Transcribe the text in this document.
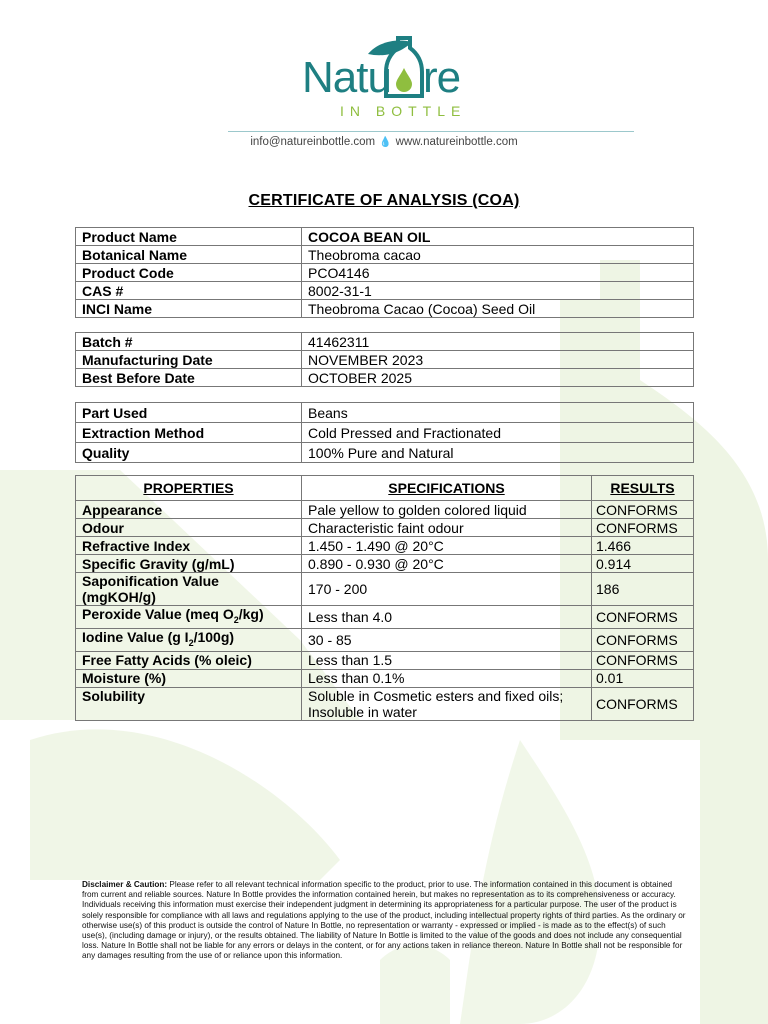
Natu re
IN BOTTLE
info@natureinbottle.com 💧 www.natureinbottle.com
CERTIFICATE OF ANALYSIS (COA)
Product Name	COCOA BEAN OIL
Botanical Name	Theobroma cacao
Product Code	PCO4146
CAS #	8002-31-1
INCI Name	Theobroma Cacao (Cocoa) Seed Oil
Batch #	41462311
Manufacturing Date	NOVEMBER 2023
Best Before Date	OCTOBER 2025
Part Used	Beans
Extraction Method	Cold Pressed and Fractionated
Quality	100% Pure and Natural
PROPERTIES	SPECIFICATIONS	RESULTS
Appearance	Pale yellow to golden colored liquid	CONFORMS
Odour	Characteristic faint odour	CONFORMS
Refractive Index	1.450 - 1.490 @ 20°C	1.466
Specific Gravity (g/mL)	0.890 - 0.930 @ 20°C	0.914
Saponification Value (mgKOH/g)	170 - 200	186
Peroxide Value (meq $O_2/kg$)	Less than 4.0	CONFORMS
Iodine Value (g $I_2/100g$)	30 - 85	CONFORMS
Free Fatty Acids (% oleic)	Less than 1.5	CONFORMS
Moisture (%)	Less than 0.1%	0.01
Solubility	Soluble in Cosmetic esters and fixed oils; Insoluble in water	CONFORMS
Disclaimer & Caution: Please refer to all relevant technical information specific to the product, prior to use. The information contained in this document is obtained from current and reliable sources. Nature In Bottle provides the information contained herein, but makes no representation as to its comprehensiveness or accuracy. Individuals receiving this information must exercise their independent judgment in determining its appropriateness for a particular purpose. The user of the product is solely responsible for compliance with all laws and regulations applying to the use of the product, including intellectual property rights of third parties. As the ordinary or otherwise use(s) of this product is outside the control of Nature In Bottle, no representation or warranty - expressed or implied - is made as to the effect(s) of such use(s), (including damage or injury), or the results obtained. The liability of Nature In Bottle is limited to the value of the goods and does not include any consequential loss. Nature In Bottle shall not be liable for any errors or delays in the content, or for any actions taken in reliance thereon. Nature In Bottle shall not be responsible for any damages resulting from the use of or reliance upon this information.
